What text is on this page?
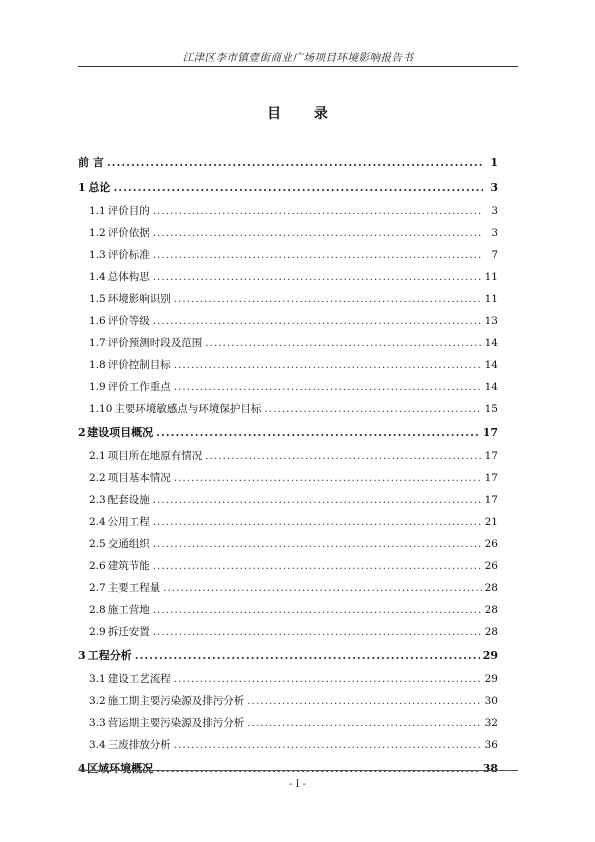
江津区李市镇壹街商业广场项目环境影响报告书
目 录
前 言 .....	1
1 总论 .....	3
1.1 评价目的 .....	3
1.2 评价依据 .....	3
1.3 评价标准 .....	7
1.4 总体构思 .....	11
1.5 环境影响识别 .....	11
1.6 评价等级 .....	13
1.7 评价预测时段及范围 .....	14
1.8 评价控制目标 .....	14
1.9 评价工作重点 .....	14
1.10 主要环境敏感点与环境保护目标 .....	15
2 建设项目概况 .....	17
2.1 项目所在地原有情况 .....	17
2.2 项目基本情况 .....	17
2.3 配套设施 .....	17
2.4 公用工程 .....	21
2.5 交通组织 .....	26
2.6 建筑节能 .....	26
2.7 主要工程量 .....	28
2.8 施工营地 .....	28
2.9 拆迁安置 .....	28
3 工程分析 .....	29
3.1 建设工艺流程 .....	29
3.2 施工期主要污染源及排污分析 .....	30
3.3 营运期主要污染源及排污分析 .....	32
3.4 三废排放分析 .....	36
4 区域环境概况 .....	38
- I -
